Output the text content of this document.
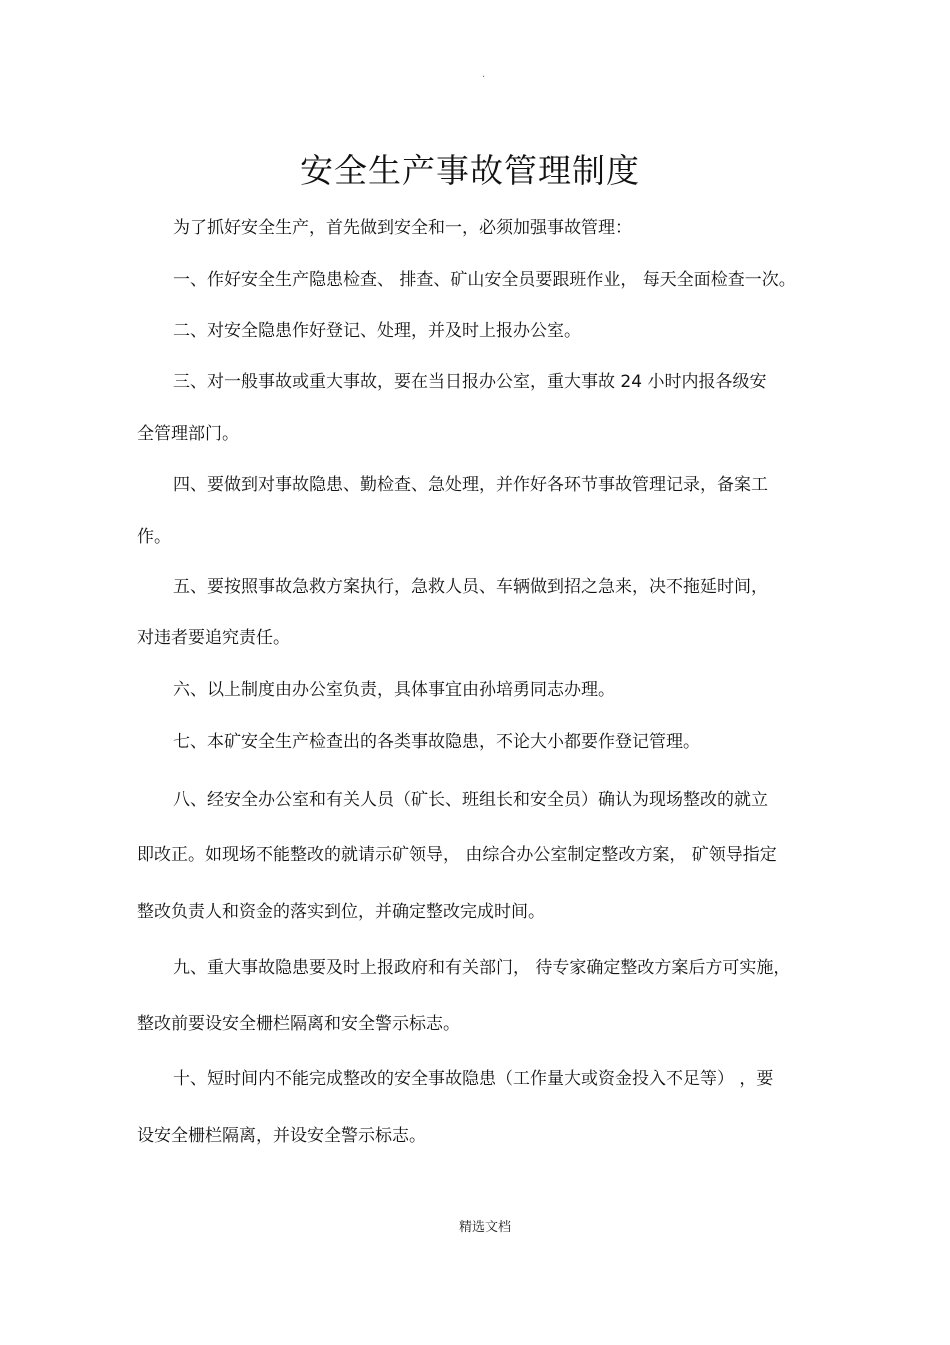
.
安全生产事故管理制度
为了抓好安全生产，首先做到安全和一，必须加强事故管理：
一、作好安全生产隐患检查、 排查、矿山安全员要跟班作业， 每天全面检查一次。
二、对安全隐患作好登记、处理，并及时上报办公室。
三、对一般事故或重大事故，要在当日报办公室，重大事故 24 小时内报各级安
全管理部门。
四、要做到对事故隐患、勤检查、急处理，并作好各环节事故管理记录，备案工
作。
五、要按照事故急救方案执行，急救人员、车辆做到招之急来，决不拖延时间，
对违者要追究责任。
六、以上制度由办公室负责，具体事宜由孙培勇同志办理。
七、本矿安全生产检查出的各类事故隐患，不论大小都要作登记管理。
八、经安全办公室和有关人员（矿长、班组长和安全员）确认为现场整改的就立
即改正。如现场不能整改的就请示矿领导， 由综合办公室制定整改方案， 矿领导指定
整改负责人和资金的落实到位，并确定整改完成时间。
九、重大事故隐患要及时上报政府和有关部门， 待专家确定整改方案后方可实施，
整改前要设安全栅栏隔离和安全警示标志。
十、短时间内不能完成整改的安全事故隐患（工作量大或资金投入不足等） ，要
设安全栅栏隔离，并设安全警示标志。
精选文档
